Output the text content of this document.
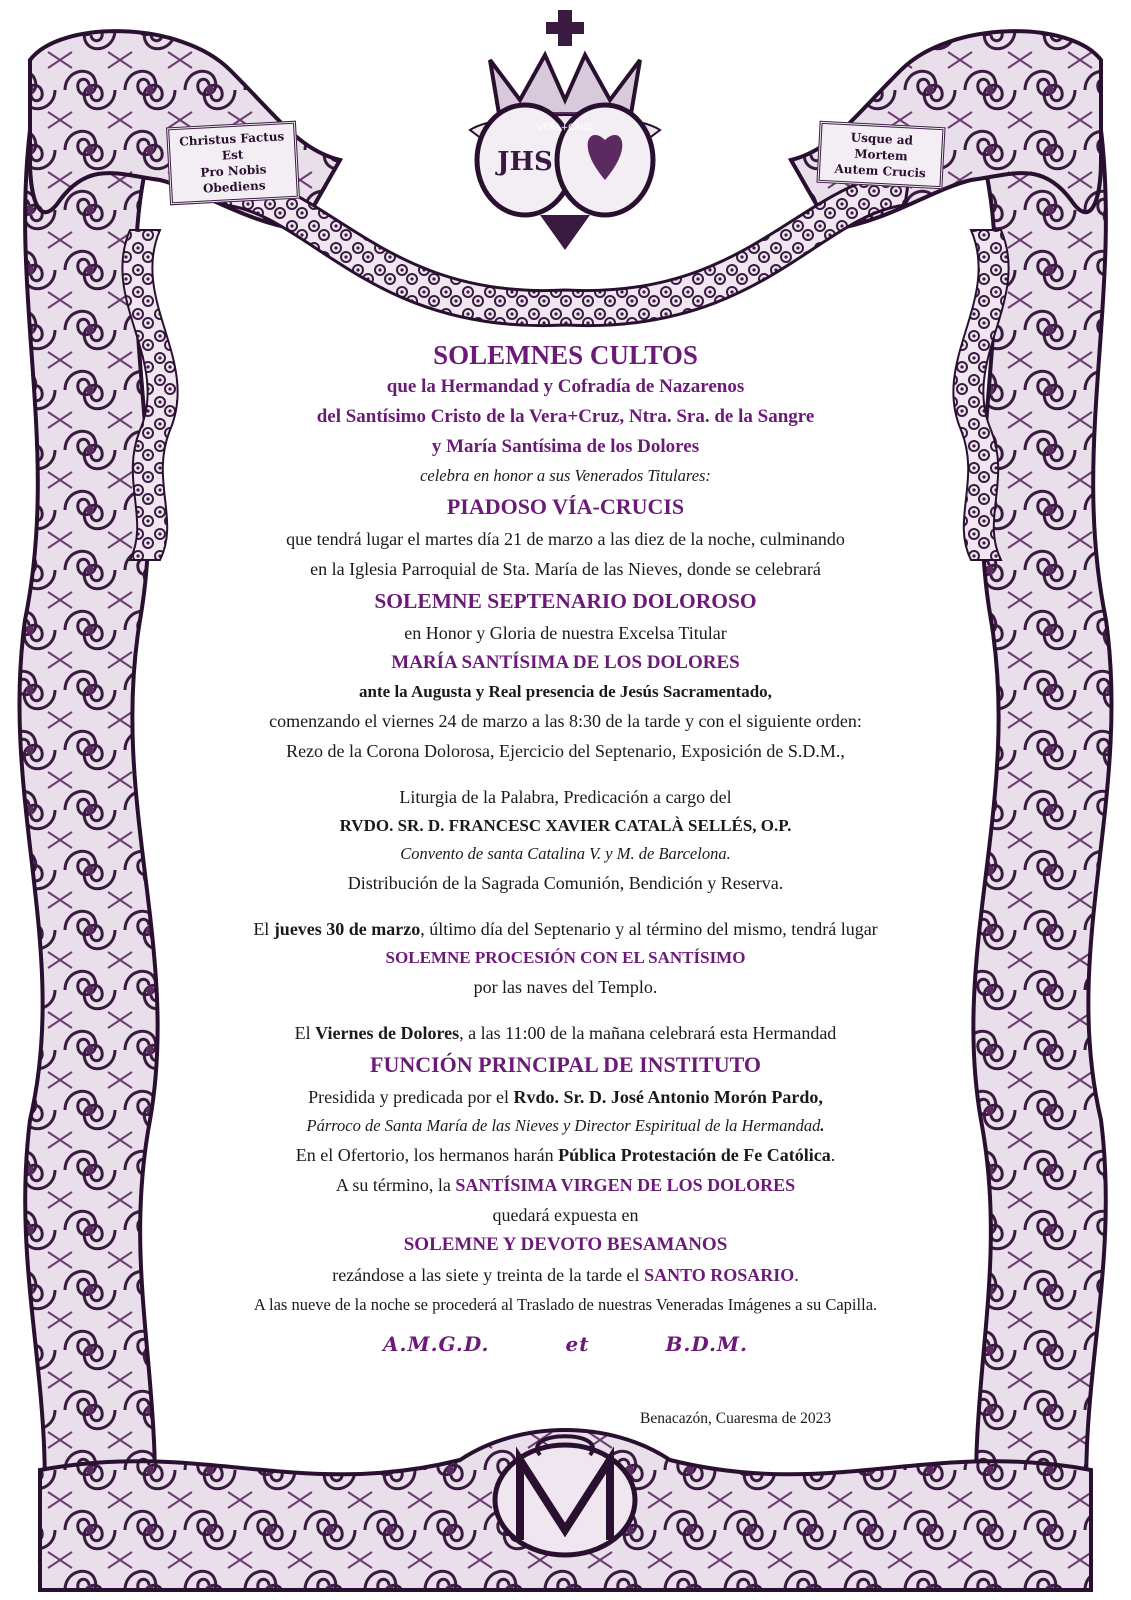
JHS
VERA+CRUZ
Christus Factus Est
Pro Nobis Obediens
Usque ad Mortem
Autem Crucis
SOLEMNES CULTOS
que la Hermandad y Cofradía de Nazarenos
del Santísimo Cristo de la Vera+Cruz, Ntra. Sra. de la Sangre
y María Santísima de los Dolores
celebra en honor a sus Venerados Titulares:
PIADOSO VÍA-CRUCIS
que tendrá lugar el martes día 21 de marzo a las diez de la noche, culminando
en la Iglesia Parroquial de Sta. María de las Nieves, donde se celebrará
SOLEMNE SEPTENARIO DOLOROSO
en Honor y Gloria de nuestra Excelsa Titular
MARÍA SANTÍSIMA DE LOS DOLORES
ante la Augusta y Real presencia de Jesús Sacramentado,
comenzando el viernes 24 de marzo a las 8:30 de la tarde y con el siguiente orden:
Rezo de la Corona Dolorosa, Ejercicio del Septenario, Exposición de S.D.M.,
Liturgia de la Palabra, Predicación a cargo del
RVDO. SR. D. FRANCESC XAVIER CATALÀ SELLÉS, O.P.
Convento de santa Catalina V. y M. de Barcelona.
Distribución de la Sagrada Comunión, Bendición y Reserva.
El jueves 30 de marzo, último día del Septenario y al término del mismo, tendrá lugar
SOLEMNE PROCESIÓN CON EL SANTÍSIMO
por las naves del Templo.
El Viernes de Dolores, a las 11:00 de la mañana celebrará esta Hermandad
FUNCIÓN PRINCIPAL DE INSTITUTO
Presidida y predicada por el Rvdo. Sr. D. José Antonio Morón Pardo,
Párroco de Santa María de las Nieves y Director Espiritual de la Hermandad.
En el Ofertorio, los hermanos harán Pública Protestación de Fe Católica.
A su término, la SANTÍSIMA VIRGEN DE LOS DOLORES
quedará expuesta en
SOLEMNE Y DEVOTO BESAMANOS
rezándose a las siete y treinta de la tarde el SANTO ROSARIO.
A las nueve de la noche se procederá al Traslado de nuestras Veneradas Imágenes a su Capilla.
A.M.G.D.	et	B.D.M.
Benacazón, Cuaresma de 2023
